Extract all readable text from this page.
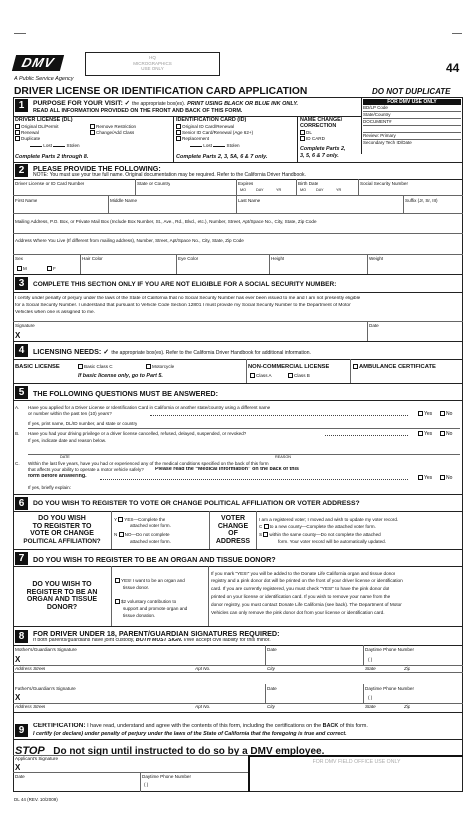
DMV
A Public Service Agency
HQ
MICROGRAPHICS
USE ONLY	44
DRIVER LICENSE OR IDENTIFICATION CARD APPLICATION	DO NOT DUPLICATE
1	PURPOSE FOR YOUR VISIT: ✓ the appropriate box(es). PRINT USING BLACK OR BLUE INK ONLY.
READ ALL INFORMATION PROVIDED ON THE FRONT AND BACK OF THIS FORM.
DRIVER LICENSE (DL)
Original DL/Permit
Renewal
Duplicate
Lost	Stolen
Remove Restriction
Change/Add Class
Complete Parts 2 through 8.
IDENTIFICATION CARD (ID)
Original ID Card/Renewal
Senior ID Card/Renewal (Age 62+)
Replacement
Lost	Stolen
Complete Parts 2, 3, 5A, 6 & 7 only.
NAME CHANGE/
CORRECTION
DL
ID CARD
Complete Parts 2,
3, 5, 6 & 7 only.
FOR DMV USE ONLY
BD/LP Code
State/Country
DOCUMENT#
Review: Primary
Secondary Tech ID/Date
2	PLEASE PROVIDE THE FOLLOWING:
NOTE: You must use your true full name. Original documentation may be required. Refer to the California Driver Handbook.
Driver License or ID Card Number	State or Country	Expires	Birth Date	Social Security Number
MO	DAY	YR	MO	DAY	YR
First Name	Middle Name	Last Name	Suffix (Jr, Sr, III)
Mailing Address, P.O. Box, or Private Mail Box (Include Box Number, St., Ave., Rd., Blvd., etc.), Number, Street, Apt/Space No., City, State, Zip Code
Address Where You Live (If different from mailing address), Number, Street, Apt/Space No., City, State, Zip Code
Sex
M	F
Hair Color	Eye Color	Height	Weight
3	COMPLETE THIS SECTION ONLY IF YOU ARE NOT ELIGIBLE FOR A SOCIAL SECURITY NUMBER:
I certify under penalty of perjury under the laws of the State of California that no Social Security Number has ever been issued to me and I am not presently eligible
for a Social Security Number. I understand that pursuant to Vehicle Code Section 12801 I must provide my Social Security Number to the Department of Motor
Vehicles when one is assigned to me.
Signature
X
Date
4	LICENSING NEEDS: ✓ the appropriate box(es). Refer to the California Driver Handbook for additional information.
BASIC LICENSE	Basic Class C	Motorcycle
If basic license only, go to Part 5.
NON-COMMERCIAL LICENSE
Class A	Class B
AMBULANCE CERTIFICATE
5	THE FOLLOWING QUESTIONS MUST BE ANSWERED:
A. Have you applied for a Driver License or Identification Card in California or another state/country using a different name
or number within the past ten (10) years?	Yes	No
If yes, print name, DL/ID number, and state or country
B. Have you had your driving privilege or a driver license cancelled, refused, delayed, suspended, or revoked?	Yes	No
If yes, indicate date and reason below.
DATE	REASON
C. Within the last five years, have you had or experienced any of the medical conditions specified on the back of this form
that affects your ability to operate a motor vehicle safely? Please read the “Medical Information” on the back of this
form before answering.	Yes	No
If yes, briefly explain:
6	DO YOU WISH TO REGISTER TO VOTE OR CHANGE POLITICAL AFFILIATION OR VOTER ADDRESS?
DO YOU WISH
TO REGISTER TO
VOTE OR CHANGE
POLITICAL AFFILIATION?
Y YES—Complete the
attached voter form.
N NO—Do not complete
attached voter form.
VOTER
CHANGE
OF
ADDRESS
I am a registered voter; I moved and wish to update my voter record.
C to a new county—Complete the attached voter form.
S within the same county—Do not complete the attached
form. Your voter record will be automatically updated.
7	DO YOU WISH TO REGISTER TO BE AN ORGAN AND TISSUE DONOR?
DO YOU WISH TO
REGISTER TO BE AN
ORGAN AND TISSUE
DONOR?
YES! I want to be an organ and
tissue donor.
$2 voluntary contribution to
support and promote organ and
tissue donation.
If you mark “YES!” you will be added to the Donate Life California organ and tissue donor
registry and a pink donor dot will be printed on the front of your driver license or identification
card. If you are currently registered, you must check “YES!” to have the pink donor dot
printed on your license or identification card. If you wish to remove your name from the
donor registry, you must contact Donate Life California (see back). The Department of Motor
Vehicles can only remove the pink donor dot from your license or identification card.
8	FOR DRIVER UNDER 18, PARENT/GUARDIAN SIGNATURES REQUIRED:
If both parents/guardians have joint custody, BOTH MUST SIGN. I/We accept civil liability for this minor.
Mother's/Guardian's Signature
X
Date	Daytime Phone Number
( )
Address Street	Apt No.	City	State	Zip
Father's/Guardian's Signature
X
Date	Daytime Phone Number
( )
Address Street	Apt No.	City	State	Zip
9	CERTIFICATION: I have read, understand and agree with the contents of this form, including the certifications on the BACK of this form.
I certify (or declare) under penalty of perjury under the laws of the State of California that the foregoing is true and correct.
STOP Do not sign until instructed to do so by a DMV employee.
Applicant's Signature
X
Date	Daytime Phone Number
( )
FOR DMV FIELD OFFICE USE ONLY
DL 44 (REV. 10/2009)
